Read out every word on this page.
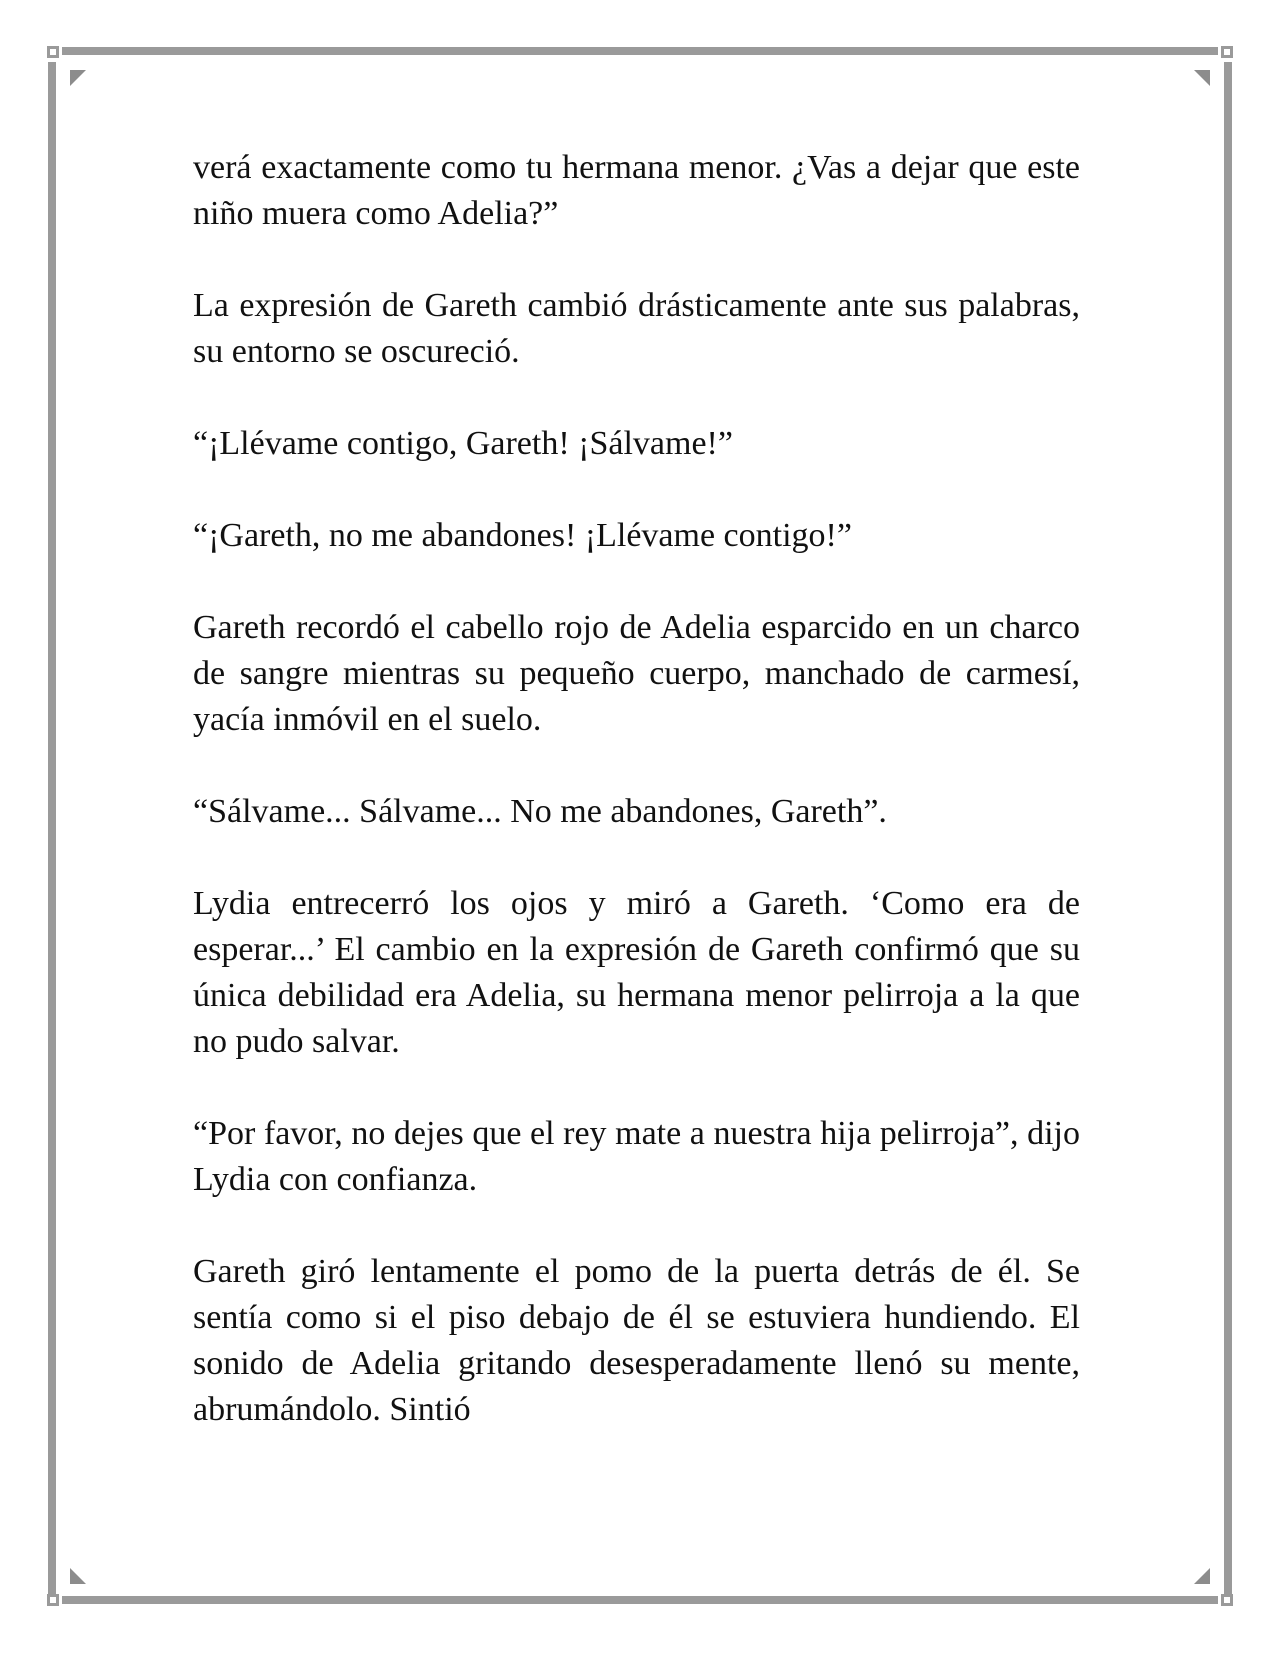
verá exactamente como tu hermana menor. ¿Vas a dejar que este niño muera como Adelia?”

La expresión de Gareth cambió drásticamente ante sus palabras, su entorno se oscureció.

“¡Llévame contigo, Gareth! ¡Sálvame!”

“¡Gareth, no me abandones! ¡Llévame contigo!”

Gareth recordó el cabello rojo de Adelia esparcido en un charco de sangre mientras su pequeño cuerpo, manchado de carmesí, yacía inmóvil en el suelo.

“Sálvame... Sálvame... No me abandones, Gareth”.

Lydia entrecerró los ojos y miró a Gareth. ‘Como era de esperar...’ El cambio en la expresión de Gareth confirmó que su única debilidad era Adelia, su hermana menor pelirroja a la que no pudo salvar.

“Por favor, no dejes que el rey mate a nuestra hija pelirroja”, dijo Lydia con confianza.

Gareth giró lentamente el pomo de la puerta detrás de él. Se sentía como si el piso debajo de él se estuviera hundiendo. El sonido de Adelia gritando desesperadamente llenó su mente, abrumándolo. Sintió
